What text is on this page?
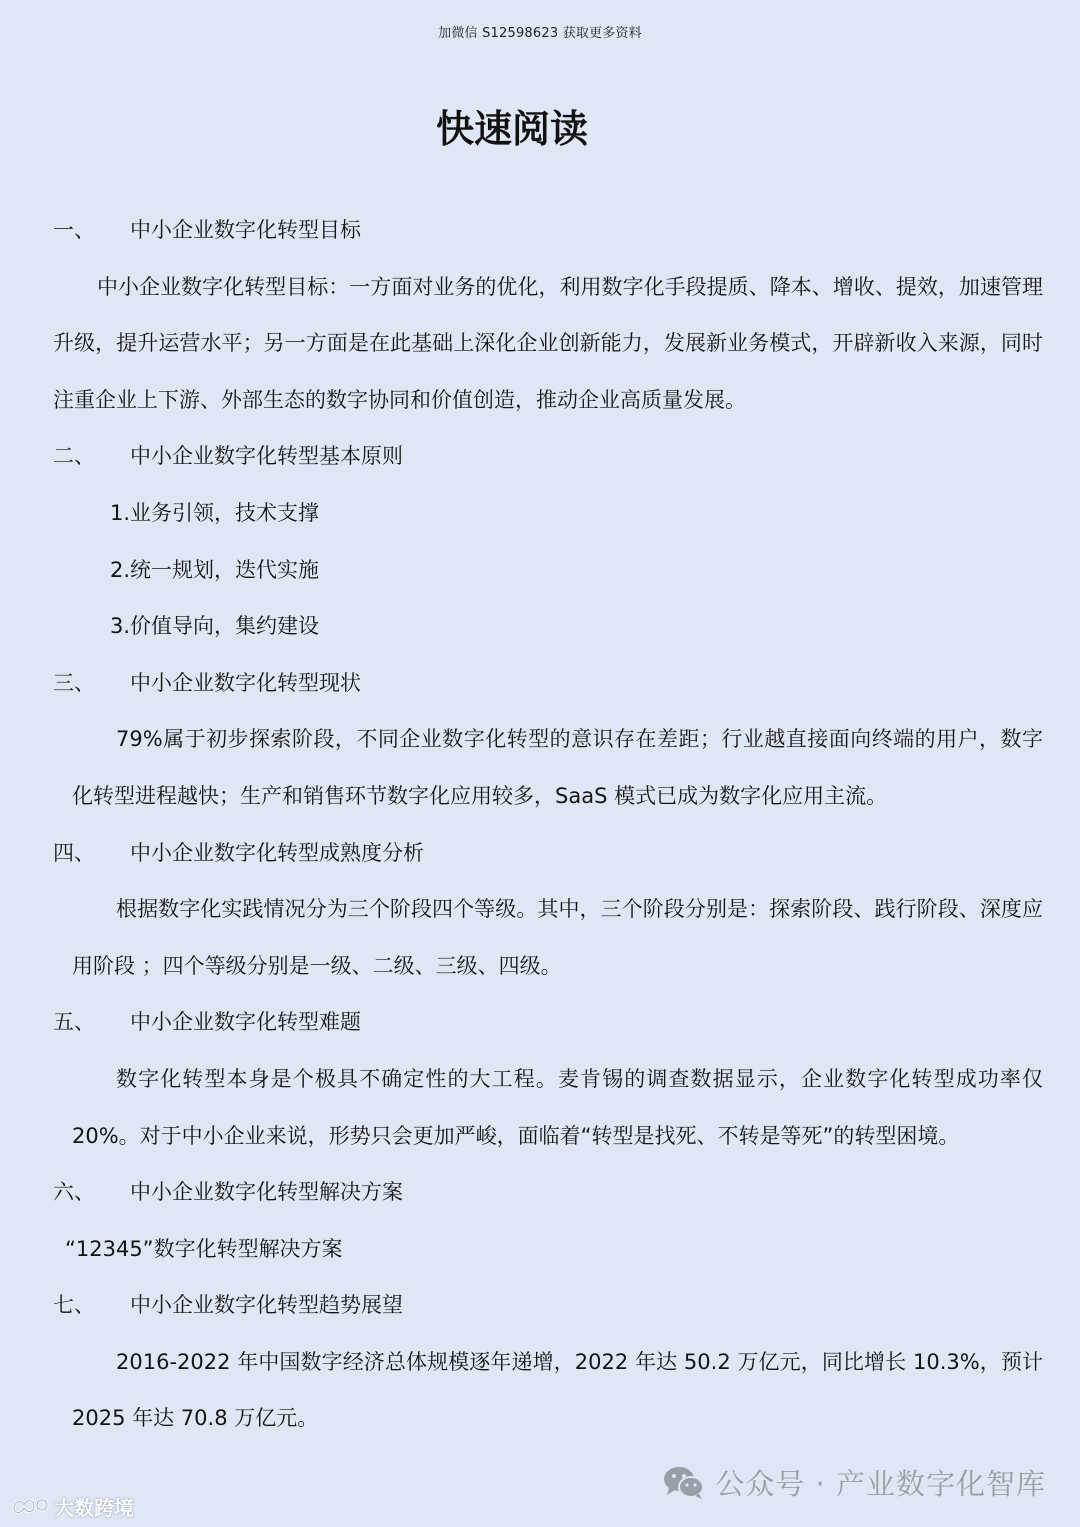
加微信 S12598623 获取更多资料
快速阅读
一、	中小企业数字化转型目标
中小企业数字化转型目标：一方面对业务的优化，利用数字化手段提质、降本、增收、提效，加速管理升级，提升运营水平；另一方面是在此基础上深化企业创新能力，发展新业务模式，开辟新收入来源，同时注重企业上下游、外部生态的数字协同和价值创造，推动企业高质量发展。
二、	中小企业数字化转型基本原则
1.业务引领，技术支撑
2.统一规划，迭代实施
3.价值导向，集约建设
三、	中小企业数字化转型现状
79%属于初步探索阶段，不同企业数字化转型的意识存在差距；行业越直接面向终端的用户，数字化转型进程越快；生产和销售环节数字化应用较多，SaaS 模式已成为数字化应用主流。
四、	中小企业数字化转型成熟度分析
根据数字化实践情况分为三个阶段四个等级。其中，三个阶段分别是：探索阶段、践行阶段、深度应用阶段 ；四个等级分别是一级、二级、三级、四级。
五、	中小企业数字化转型难题
数字化转型本身是个极具不确定性的大工程。麦肯锡的调查数据显示，企业数字化转型成功率仅20%。对于中小企业来说，形势只会更加严峻，面临着“转型是找死、不转是等死”的转型困境。
六、	中小企业数字化转型解决方案
“12345”数字化转型解决方案
七、	中小企业数字化转型趋势展望
2016-2022 年中国数字经济总体规模逐年递增，2022 年达 50.2 万亿元，同比增长 10.3%，预计2025 年达 70.8 万亿元。
公众号 · 产业数字化智库
大数跨境
